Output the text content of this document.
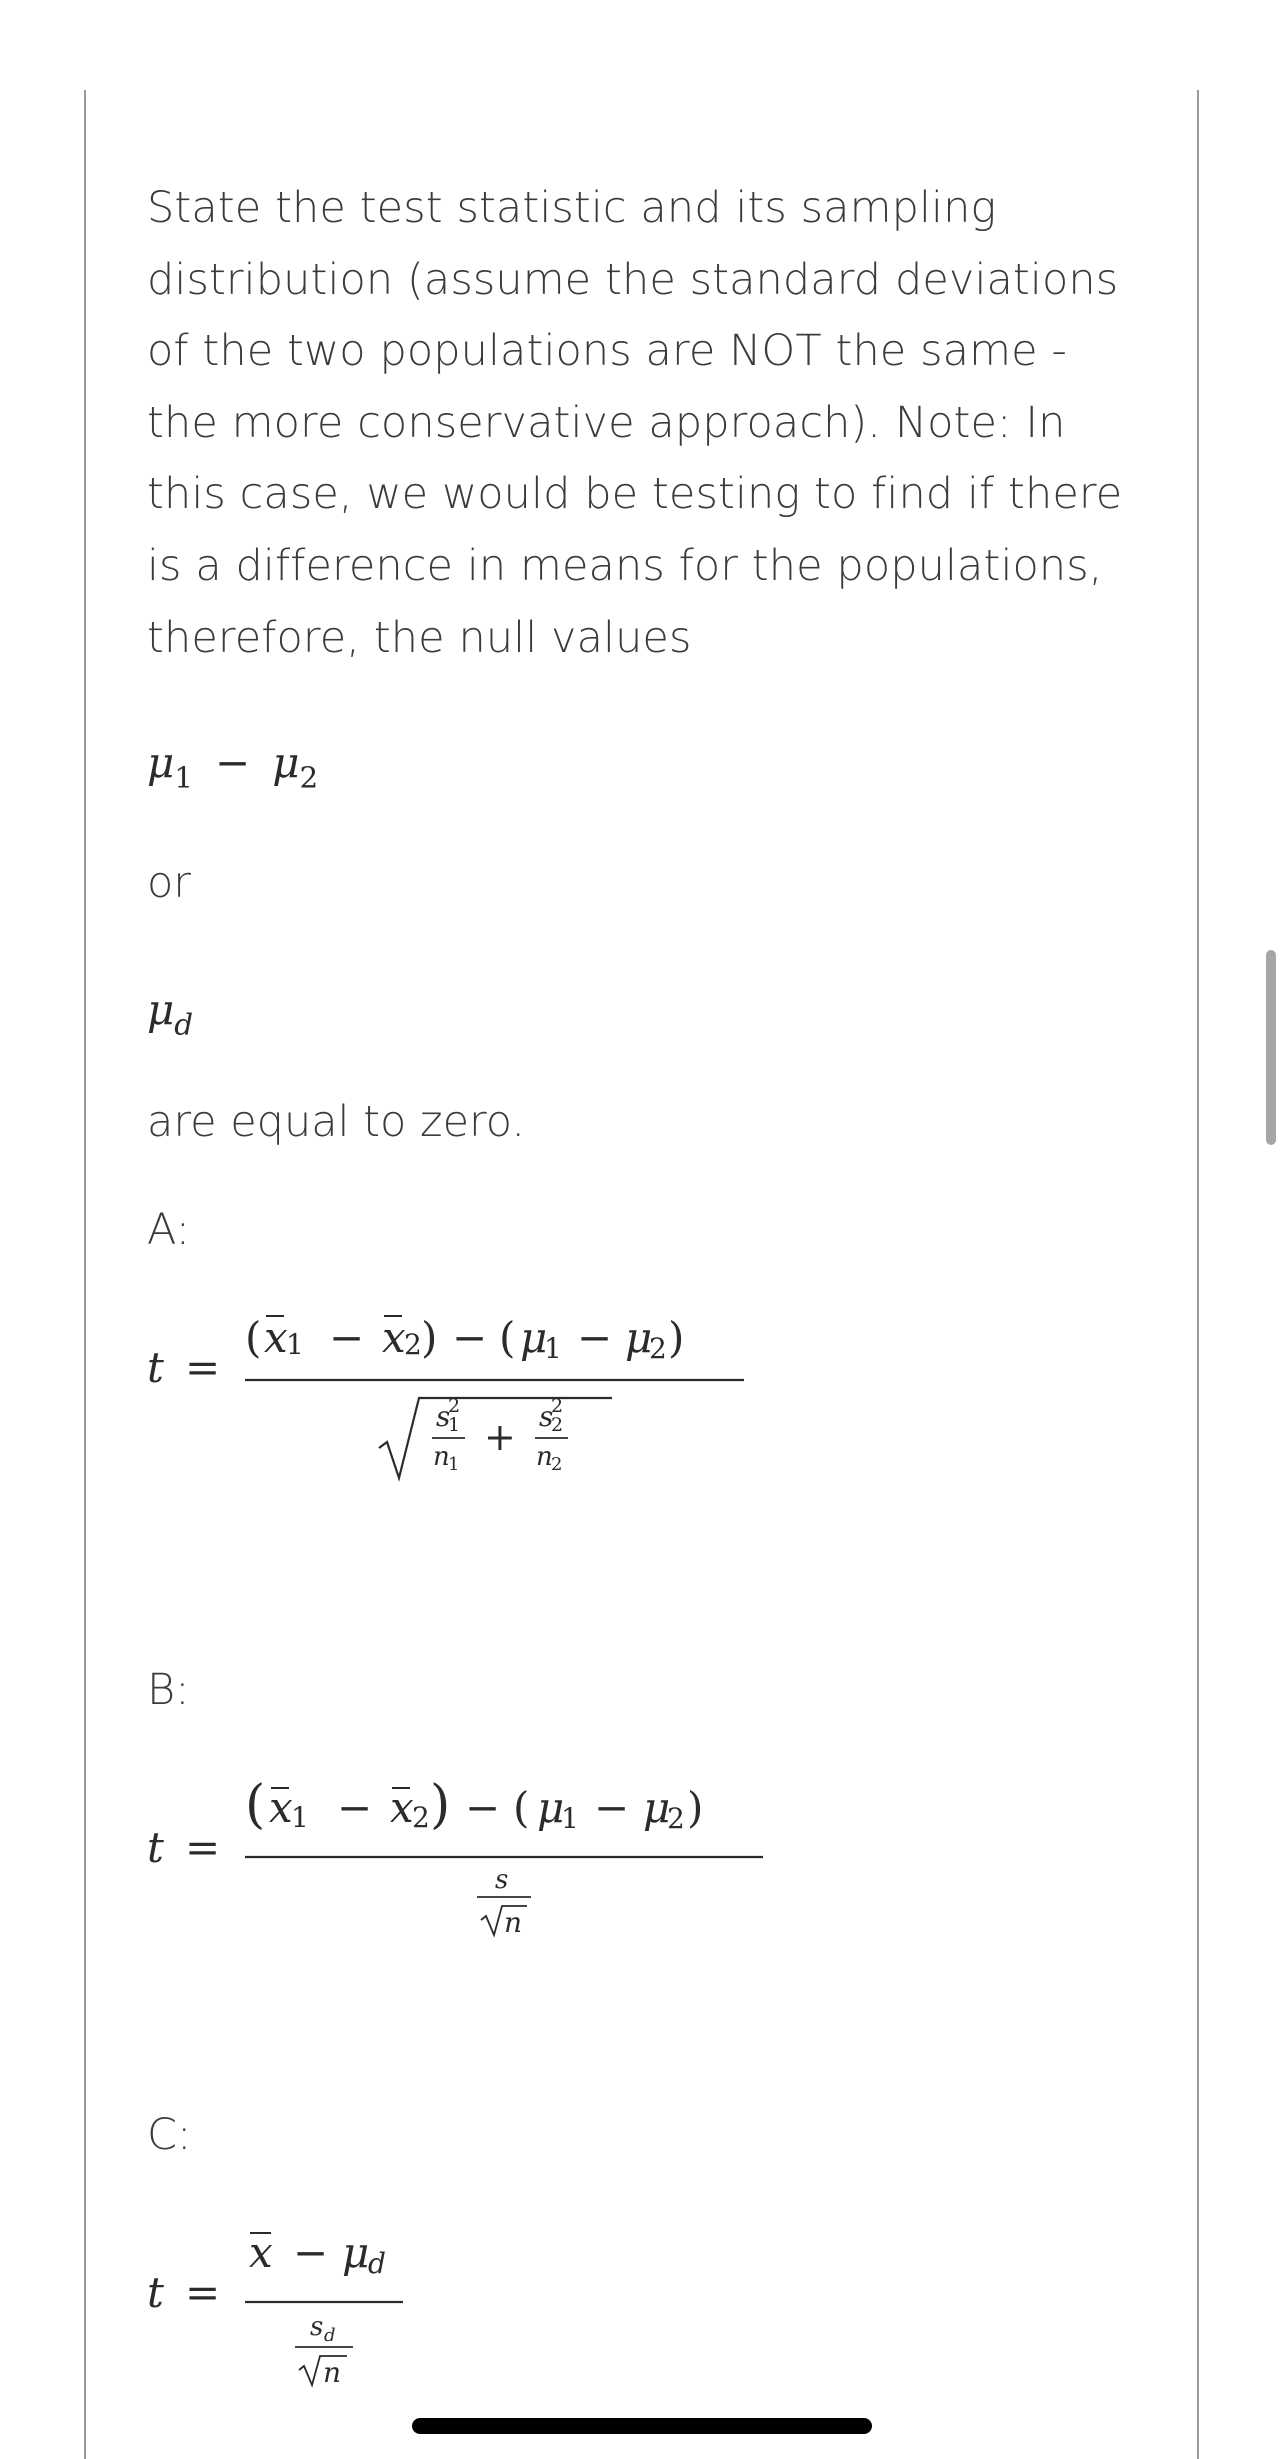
State the test statistic and its sampling distribution (assume the standard deviations of the two populations are NOT the same - the more conservative approach). Note: In this case, we would be testing to find if there is a difference in means for the populations, therefore, the null values

$\mu_1 - \mu_2$

or

$\mu_d$

are equal to zero.

A:

t =
( x
1 − x
2 ) − ( μ
1 − μ
2 )
s
2
1
n
1
+ s
2
2
n
2

B:

t =
( x
1 − x
2 ) − ( μ
1 − μ
2 )
s
n

C:

t =
x − μ
d
s d
n
